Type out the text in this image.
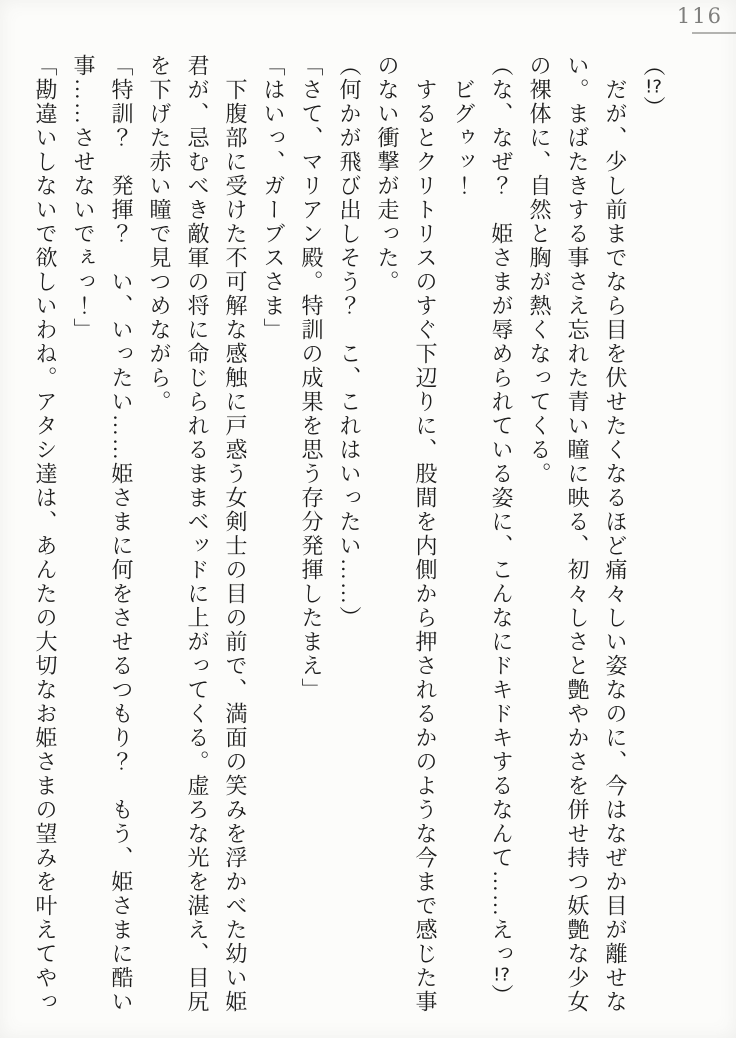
116

（!?）

だが、少し前までなら目を伏せたくなるほど痛々しい姿なのに、今はなぜか目が離せな

い。まばたきする事さえ忘れた青い瞳に映る、初々しさと艶やかさを併せ持つ妖艶な少女

の裸体に、自然と胸が熱くなってくる。

（な、なぜ？　姫さまが辱められている姿に、こんなにドキドキするなんて……えっ!?）

ビグゥッ！

するとクリトリスのすぐ下辺りに、股間を内側から押されるかのような今まで感じた事

のない衝撃が走った。

（何かが飛び出しそう？　こ、これはいったい……）

「さて、マリアン殿。特訓の成果を思う存分発揮したまえ」

「はいっ、ガーブスさま」

下腹部に受けた不可解な感触に戸惑う女剣士の目の前で、満面の笑みを浮かべた幼い姫

君が、忌むべき敵軍の将に命じられるままベッドに上がってくる。虚ろな光を湛え、目尻

を下げた赤い瞳で見つめながら。

「特訓？　発揮？　い、いったい……姫さまに何をさせるつもり？　もう、姫さまに酷い

事……させないでぇっ！」

「勘違いしないで欲しいわね。アタシ達は、あんたの大切なお姫さまの望みを叶えてやっ
